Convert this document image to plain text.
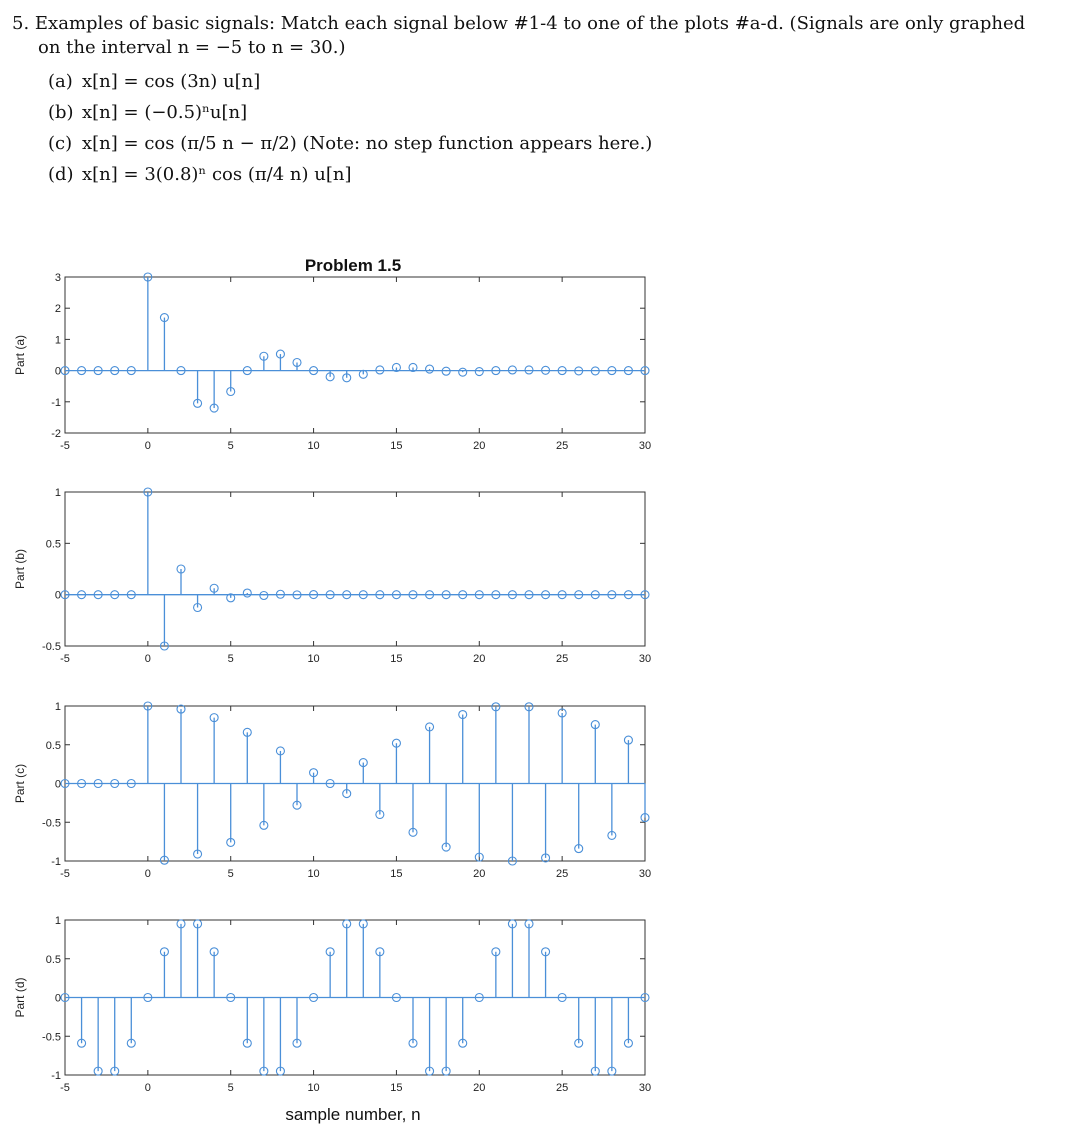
5. Examples of basic signals: Match each signal below #1-4 to one of the plots #a-d. (Signals are only graphed
on the interval n = −5 to n = 30.)
(a) x[n] = cos (3n) u[n]
(b) x[n] = (−0.5)ⁿu[n]
(c) x[n] = cos (π/5 n − π/2) (Note: no step function appears here.)
(d) x[n] = 3(0.8)ⁿ cos (π/4 n) u[n]
-5	0	5	10	15	20	25	30
-2
-1
0
1
2
3
Part (a)
-5	0	5	10	15	20	25	30
-0.5
0
0.5
1
Part (b)
-5	0	5	10	15	20	25	30
-1
-0.5
0
0.5
1
Part (c)
-5	0	5	10	15	20	25	30
-1
-0.5
0
0.5
1
Part (d)
Problem 1.5
sample number, n
